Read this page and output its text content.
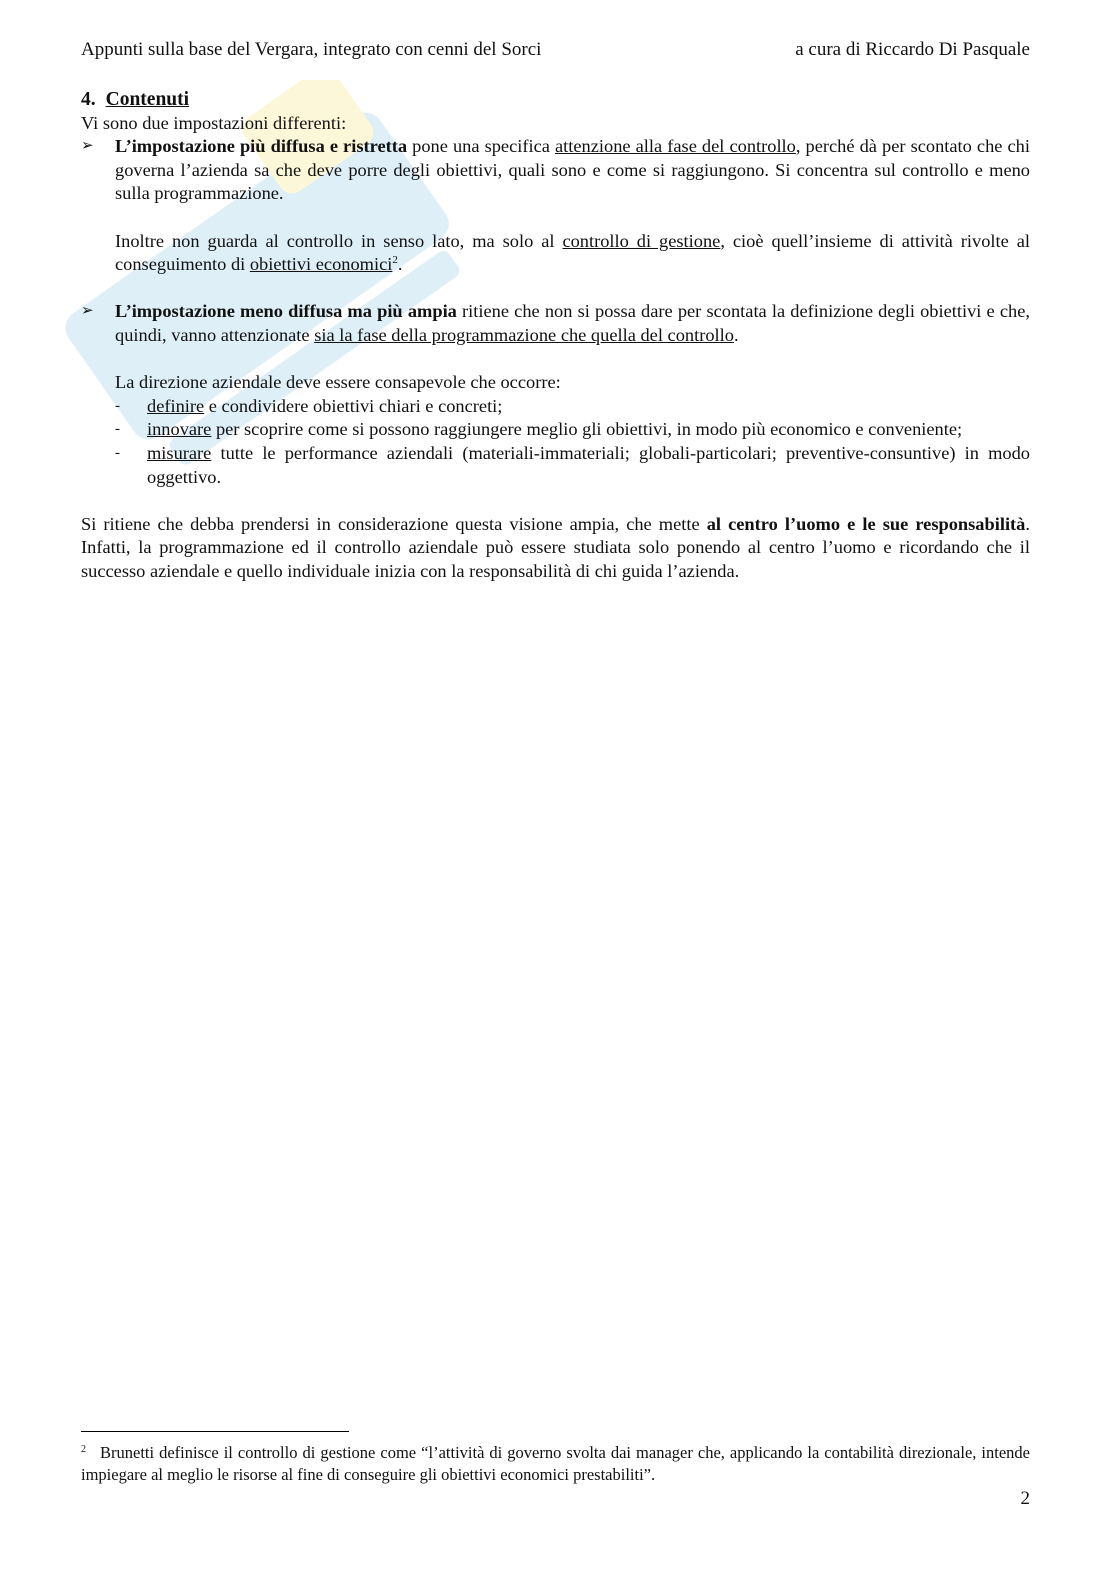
Appunti sulla base del Vergara, integrato con cenni del Sorci	a cura di Riccardo Di Pasquale

4. Contenuti

Vi sono due impostazioni differenti:

➢	L’impostazione più diffusa e ristretta pone una specifica attenzione alla fase del controllo, perché dà per scontato che chi governa l’azienda sa che deve porre degli obiettivi, quali sono e come si raggiungono. Si concentra sul controllo e meno sulla programmazione.

Inoltre non guarda al controllo in senso lato, ma solo al controllo di gestione, cioè quell’insieme di attività rivolte al conseguimento di obiettivi economici$^2$.

➢	L’impostazione meno diffusa ma più ampia ritiene che non si possa dare per scontata la definizione degli obiettivi e che, quindi, vanno attenzionate sia la fase della programmazione che quella del controllo.

La direzione aziendale deve essere consapevole che occorre:

-	definire e condividere obiettivi chiari e concreti;

-	innovare per scoprire come si possono raggiungere meglio gli obiettivi, in modo più economico e conveniente;

-	misurare tutte le performance aziendali (materiali-immateriali; globali-particolari; preventive-consuntive) in modo oggettivo.

Si ritiene che debba prendersi in considerazione questa visione ampia, che mette al centro l’uomo e le sue responsabilità. Infatti, la programmazione ed il controllo aziendale può essere studiata solo ponendo al centro l’uomo e ricordando che il successo aziendale e quello individuale inizia con la responsabilità di chi guida l’azienda.

$^2$ Brunetti definisce il controllo di gestione come “l’attività di governo svolta dai manager che, applicando la contabilità direzionale, intende impiegare al meglio le risorse al fine di conseguire gli obiettivi economici prestabiliti”.

2
